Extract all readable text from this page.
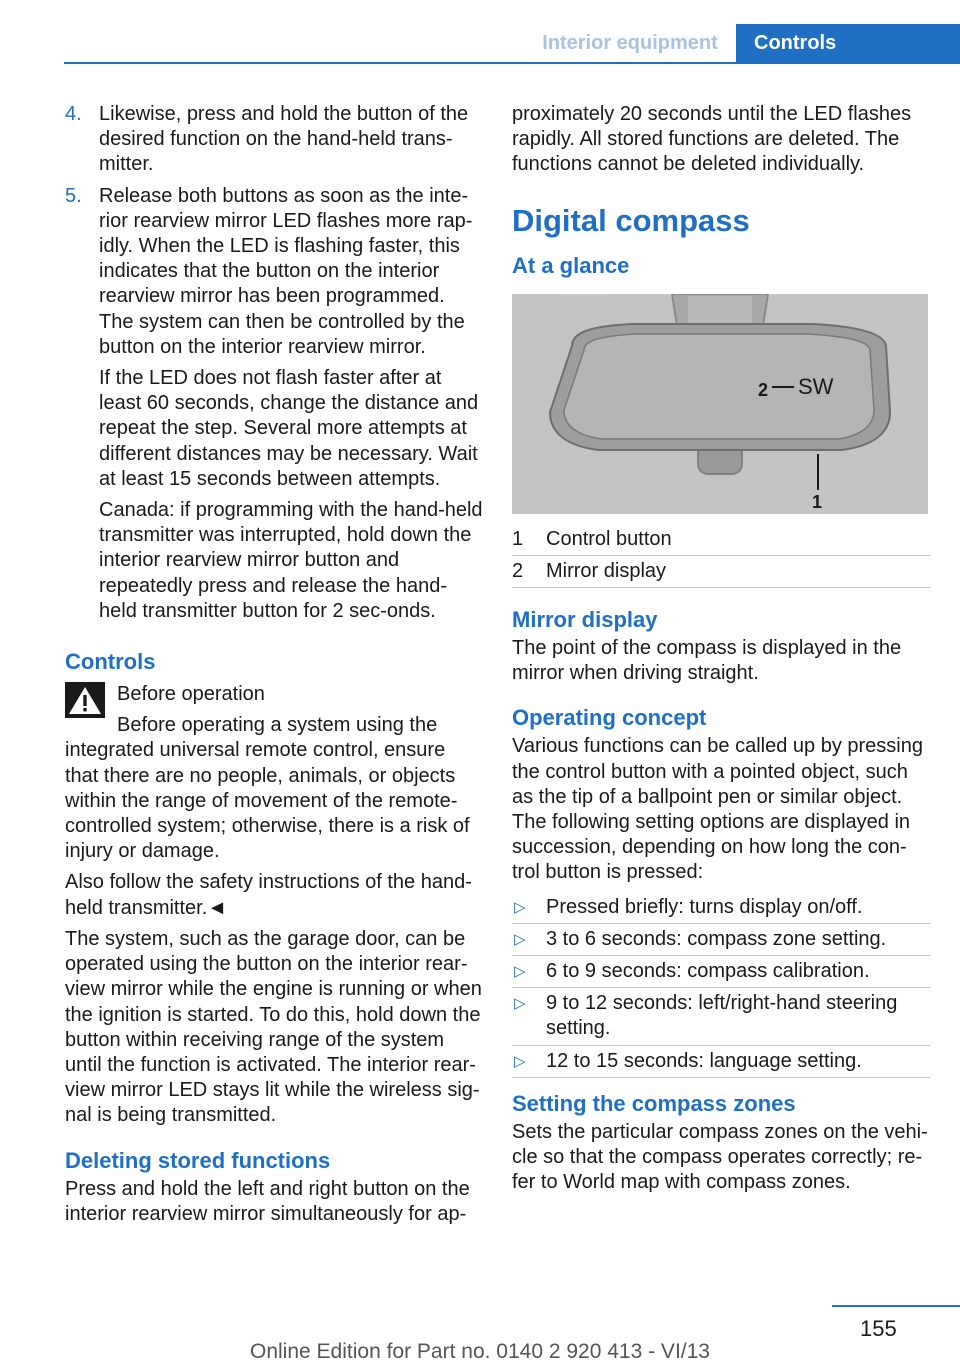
Interior equipment	Controls
4. Likewise, press and hold the button of the desired function on the hand-held trans-mitter.
5. Release both buttons as soon as the inte-rior rearview mirror LED flashes more rap-idly. When the LED is flashing faster, this indicates that the button on the interior rearview mirror has been programmed. The system can then be controlled by the button on the interior rearview mirror.

If the LED does not flash faster after at least 60 seconds, change the distance and repeat the step. Several more attempts at different distances may be necessary. Wait at least 15 seconds between attempts.

Canada: if programming with the hand-held transmitter was interrupted, hold down the interior rearview mirror button and repeatedly press and release the hand-held transmitter button for 2 sec-onds.

Controls

Before operation

Before operating a system using the integrated universal remote control, ensure that there are no people, animals, or objects within the range of movement of the remote-controlled system; otherwise, there is a risk of injury or damage.

Also follow the safety instructions of the hand-held transmitter.◄

The system, such as the garage door, can be operated using the button on the interior rear-view mirror while the engine is running or when the ignition is started. To do this, hold down the button within receiving range of the system until the function is activated. The interior rear-view mirror LED stays lit while the wireless sig-nal is being transmitted.

Deleting stored functions

Press and hold the left and right button on the interior rearview mirror simultaneously for ap-

proximately 20 seconds until the LED flashes rapidly. All stored functions are deleted. The functions cannot be deleted individually.

Digital compass
At a glance
1
2 SW
1 Control button
2 Mirror display
Mirror display

The point of the compass is displayed in the mirror when driving straight.

Operating concept

Various functions can be called up by pressing the control button with a pointed object, such as the tip of a ballpoint pen or similar object. The following setting options are displayed in succession, depending on how long the con-trol button is pressed:

▷ Pressed briefly: turns display on/off.
▷ 3 to 6 seconds: compass zone setting.
▷ 6 to 9 seconds: compass calibration.
▷ 9 to 12 seconds: left/right-hand steering setting.
▷ 12 to 15 seconds: language setting.
Setting the compass zones

Sets the particular compass zones on the vehi-cle so that the compass operates correctly; re-fer to World map with compass zones.

155
Online Edition for Part no. 0140 2 920 413 - VI/13
